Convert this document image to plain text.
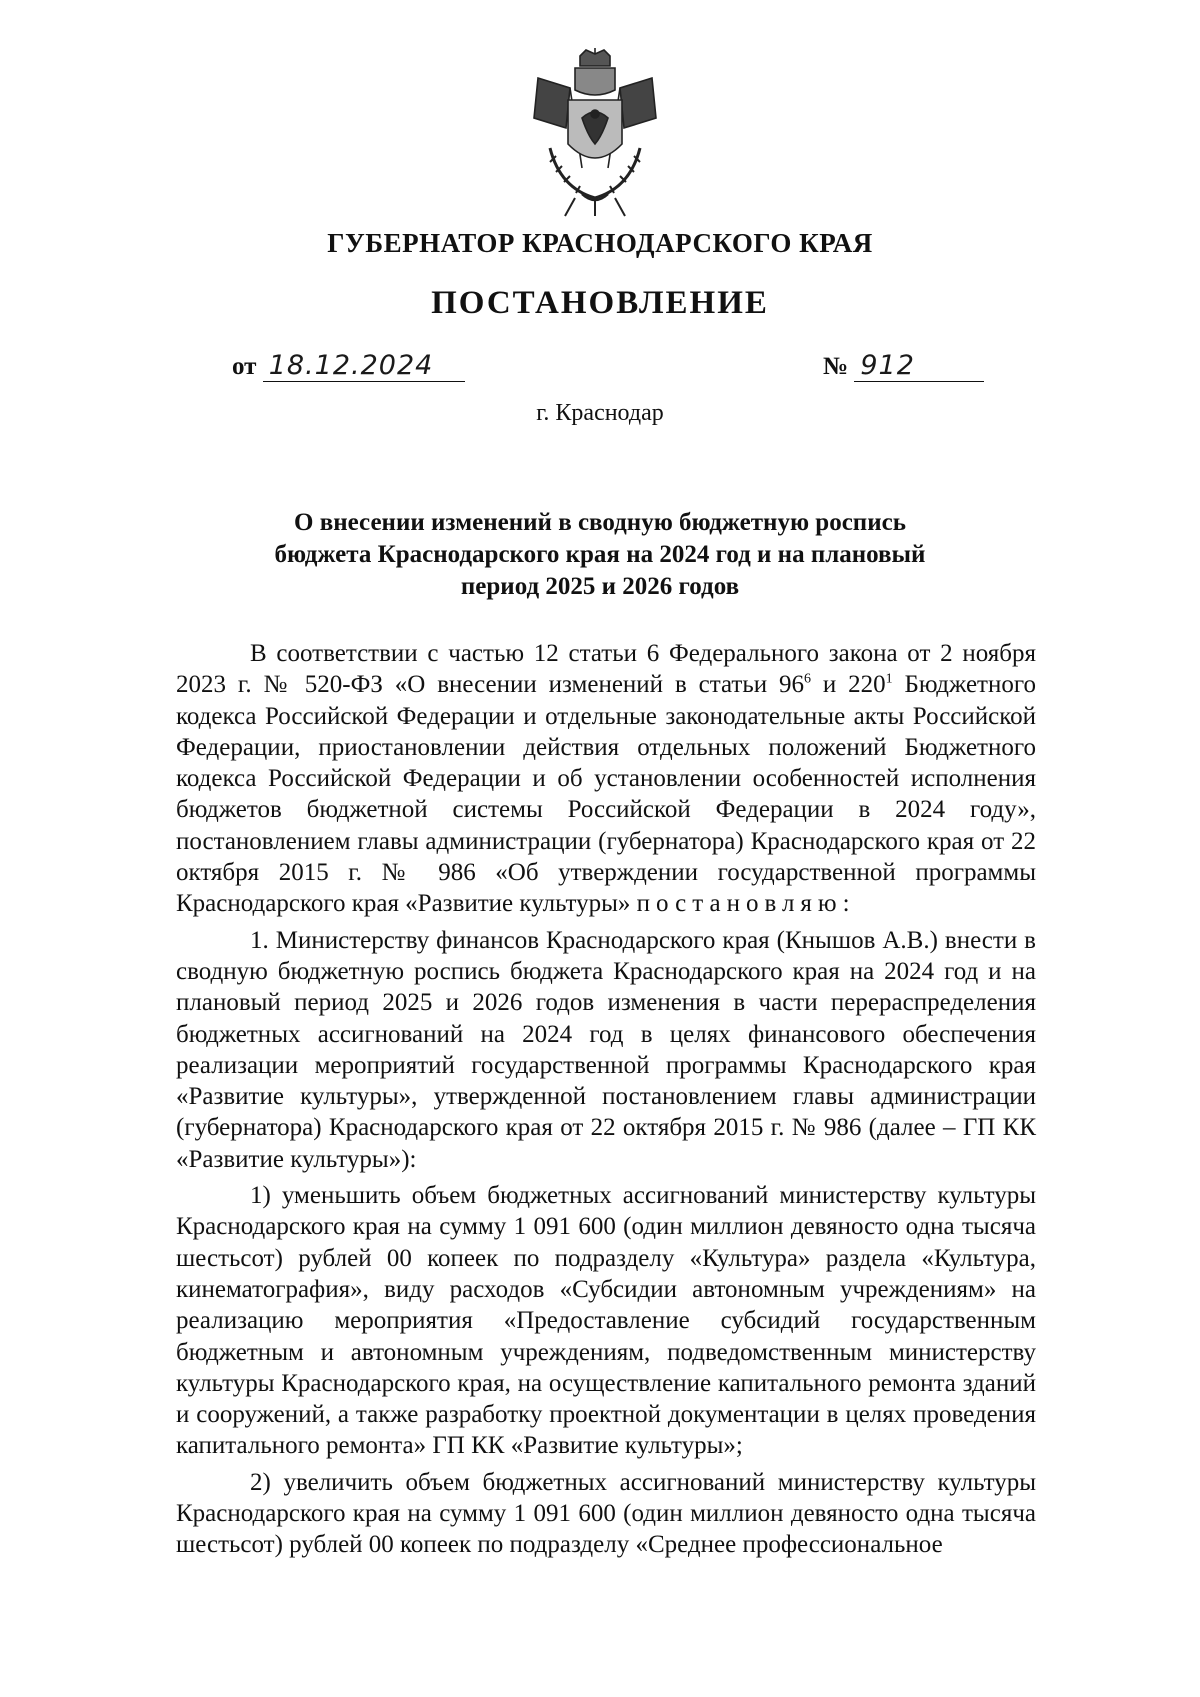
ГУБЕРНАТОР КРАСНОДАРСКОГО КРАЯ
ПОСТАНОВЛЕНИЕ
от 18.12.2024	№ 912
г. Краснодар
О внесении изменений в сводную бюджетную роспись
бюджета Краснодарского края на 2024 год и на плановый
период 2025 и 2026 годов

В соответствии с частью 12 статьи 6 Федерального закона от 2 ноября 2023 г. № 520-ФЗ «О внесении изменений в статьи $96^6$ и $220^1$ Бюджетного кодекса Российской Федерации и отдельные законодательные акты Российской Федерации, приостановлении действия отдельных положений Бюджетного кодекса Российской Федерации и об установлении особенностей исполнения бюджетов бюджетной системы Российской Федерации в 2024 году», постановлением главы администрации (губернатора) Краснодарского края от 22 октября 2015 г. № 986 «Об утверждении государственной программы Краснодарского края «Развитие культуры» постановляю:

1. Министерству финансов Краснодарского края (Кнышов А.В.) внести в сводную бюджетную роспись бюджета Краснодарского края на 2024 год и на плановый период 2025 и 2026 годов изменения в части перераспределения бюджетных ассигнований на 2024 год в целях финансового обеспечения реализации мероприятий государственной программы Краснодарского края «Развитие культуры», утвержденной постановлением главы администрации (губернатора) Краснодарского края от 22 октября 2015 г. № 986 (далее – ГП КК «Развитие культуры»):

1) уменьшить объем бюджетных ассигнований министерству культуры Краснодарского края на сумму 1 091 600 (один миллион девяносто одна тысяча шестьсот) рублей 00 копеек по подразделу «Культура» раздела «Культура, кинематография», виду расходов «Субсидии автономным учреждениям» на реализацию мероприятия «Предоставление субсидий государственным бюджетным и автономным учреждениям, подведомственным министерству культуры Краснодарского края, на осуществление капитального ремонта зданий и сооружений, а также разработку проектной документации в целях проведения капитального ремонта» ГП КК «Развитие культуры»;

2) увеличить объем бюджетных ассигнований министерству культуры Краснодарского края на сумму 1 091 600 (один миллион девяносто одна тысяча шестьсот) рублей 00 копеек по подразделу «Среднее профессиональное
